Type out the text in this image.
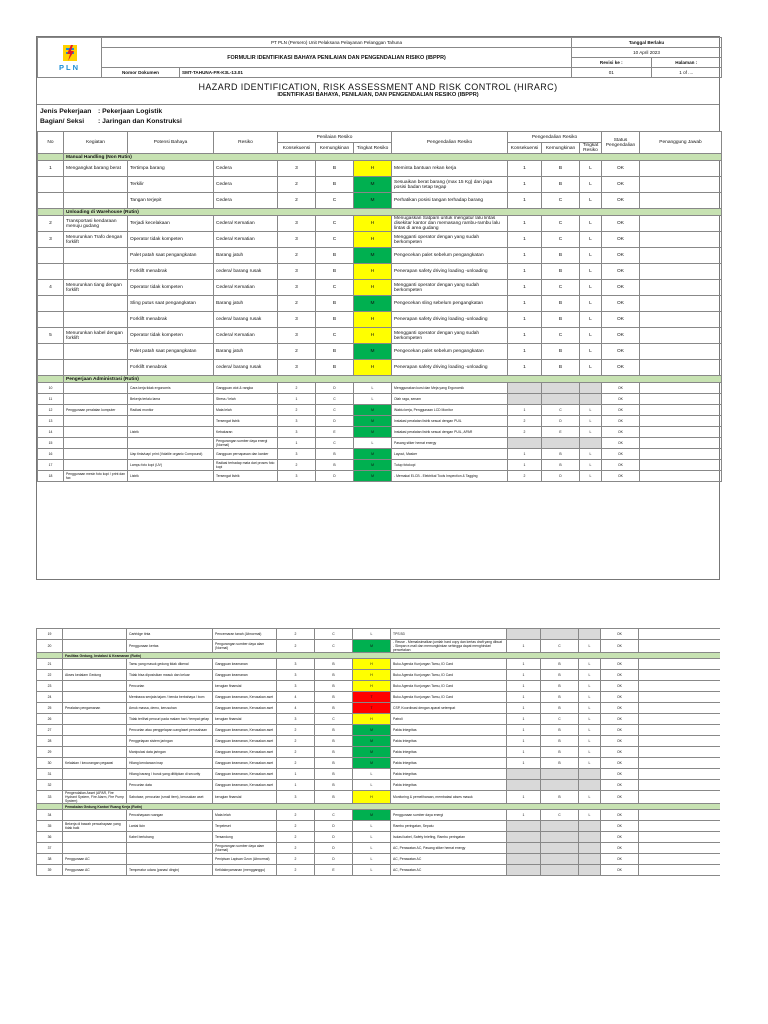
PLN	PT PLN (Persero) Unit Pelaksana Pelayanan Pelanggan Tahuna	Tanggal Berlaku
FORMULIR IDENTIFIKASI BAHAYA PENILAIAN DAN PENGENDALIAN RISIKO (IBPPR)	10 April 2023

Revisi ke :	Halaman :

Nomor Dokumen	SMT-TAHUNA-FR-K3L-13.01		01	1 of ....
HAZARD IDENTIFICATION, RISK ASSESSMENT AND RISK CONTROL (HIRARC)
IDENTIFIKASI BAHAYA, PENILAIAN, DAN PENGENDALIAN RESIKO (IBPPR)
Jenis Pekerjaan : Pekerjaan Logistik
Bagian/ Seksi : Jaringan dan Konstruksi
No	Kegiatan	Potensi Bahaya	Resiko	Penilaian Resiko			Pengendalian Resiko	Pengendalian Resiko			Status Pengendalian	Penanggung Jawab
				Konsekuensi	Kemungkinan	Tingkat Resiko		Konsekuensi	Kemungkinan	Tingkat Resiko		
	Manual Handling (Non Rutin)											
1	Mengangkat barang berat	Tertimpa barang	Cedera	3	B	H	Meminta bantuan rekan kerja	1	B	L	OK	
		Terkilir	Cedera	2	B	M	Sesuaikan berat barang (max 15 Kg) dan jaga posisi badan tetap tegap	1	B	L	OK	
		Tangan terjepit	Cedera	2	C	M	Perhatikan posisi tangan terhadap barang	1	C	L	OK	
	Unloading di Warehouse (Rutin)											
2	Transportasi kendaraan menuju gudang	Terjadi kecelakaan	Cedera/ Kematian	3	C	H	Menugaskan Satpam untuk mengatur lalu lintas disekitar kantor dan memasang rambu-rambu lalu lintas di area gudang	1	C	L	OK	
3	Menurunkan Trafo dengan forklift	Operator tidak kompeten	Cedera/ Kematian	3	C	H	Mengganti operator dengan yang sudah berkompeten	1	C	L	OK	
		Palet patah saat pengangkatan	Barang jatuh	2	B	M	Pengecekan palet sebelum pengangkatan	1	B	L	OK	
		Forklift menabrak	cedera/ barang rusak	3	B	H	Penerapan safety driving loading -unloading	1	B	L	OK	
4	Menurunkan tiang dengan forklift	Operator tidak kompeten	Cedera/ Kematian	3	C	H	Mengganti operator dengan yang sudah berkompeten	1	C	L	OK	
		Sling putus saat pengangkatan	Barang jatuh	2	B	M	Pengecekan sling sebelum pengangkatan	1	B	L	OK	
		Forklift menabrak	cedera/ barang rusak	3	B	H	Penerapan safety driving loading -unloading	1	B	L	OK	
5	Menurunkan kabel dengan forklift	Operator tidak kompeten	Cedera/ Kematian	3	C	H	Mengganti operator dengan yang sudah berkompeten	1	C	L	OK	
		Palet patah saat pengangkatan	Barang jatuh	2	B	M	Pengecekan palet sebelum pengangkatan	1	B	L	OK	
		Forklift menabrak	cedera/ barang rusak	3	B	H	Penerapan safety driving loading -unloading	1	B	L	OK	
	Pengerjaan Administrasi (Rutin)											
10		Cara kerja tidak ergonomis	Gangguan otot & rangka	2	D	L	Menggunakan kursi dan Meja yang Ergonomik				OK	
11		Bekerja terlalu lama	Stress / lelah	1	C	L	Olah raga, senam				OK	
12	Penggunaan peralatan komputer	Radiasi monitor	Mata lelah	2	C	M	Waktu kerja, Penggunaan LCD Monitor	1	C	L	OK	
13			Tersengat listrik	3	D	M	Instalasi peralatan listrik sesuai dengan PUIL	2	D	L	OK	
14		Listrik	Kebakaran	3	E	M	Instalasi peralatan listrik sesuai dengan PUIL, APAR	2	E	L	OK	
15			Pengurangan sumber daya energi (Normal)	1	C	L	Pasang stiker hemat energy				OK	
16		Uap tinta/uap/ print (Volatile organic Compound)	Gangguan pernapasan dan kanker	3	B	M	Layout, Masker	1	B	L	OK	
17		Lampu foto kopi (UV)	Radiasi terhadap mata dari proses foto kopi	2	B	M	Tutup fotokopi	1	B	L	OK	
18	Penggunaan mesin foto kopi / print dan fax	Listrik	Tersengat listrik	3	D	M	- Memakai ELCB - Elektrikal Tools Inspection & Tagging	2	D	L	OK	
19		Cartridge tinta	Pencemaran tanah (Abnormal)	2	C	L	TPS B3				OK	
20		Penggunaan kertas	Pengurangan sumber daya alam (Normal)	2	C	M	- Reuse - Memaksimalkan jumlah hard copy dan kertas draft yang dibuat - Simpan e-mail dan memungkinkan sehingga dapat menghindari pencetakan	1	C	L	OK	
	Fasilitas Gedung, Instalasi & Keamanan (Rutin)											
21		Tamu yang masuk gedung tidak dikenal	Gangguan keamanan	3	B	H	Buku Agenda Kunjungan Tamu, ID Card	1	B	L	OK	
22	Akses kedalam Gedung	Tidak bisa diposisikan masuk dan keluar	Gangguan keamanan	3	B	H	Buku Agenda Kunjungan Tamu, ID Card	1	B	L	OK	
23		Pencurian	kerugian finansial	3	B	H	Buku Agenda Kunjungan Tamu, ID Card	1	B	L	OK	
24		Membawa senjata tajam / benda berbahaya / bom	Gangguan keamanan, Kerusakan aset	4	B	T	Buku Agenda Kunjungan Tamu, ID Card	1	B	L	OK	
25	Peralatan pengamanan	Amuk massa, demo, kerusuhan	Gangguan keamanan, Kerusakan aset	4	B	T	CSP, Koordinasi dengan aparat setempat	1	B	L	OK	
26		Tidak terlihat pencuri pada malam hari / tempat gelap	kerugian finansial	3	C	H	Patroli	1	C	L	OK	
27		Pencurian atau penggelapan uang/aset perusahaan	Gangguan keamanan, Kerusakan aset	2	B	M	Pakta Integritas	1	B	L	OK	
28		Penggelapan sistem jaringan	Gangguan keamanan, Kerusakan aset	2	B	M	Pakta Integritas	1	B	L	OK	
29		Manipulasi data jaringan	Gangguan keamanan, Kerusakan aset	2	B	M	Pakta Integritas	1	B	L	OK	
30	Kelalaian / kecurangan pegawai	Hilang kendaraan inap	Gangguan keamanan, Kerusakan aset	2	B	M	Pakta Integritas	1	B	L	OK	
31		Hilang barang / buruk yang dititipkan di security	Gangguan keamanan, Kerusakan aset	1	B	L	Pakta Integritas				OK	
32		Pencurian data	Gangguan keamanan, Kerusakan aset	1	B	L	Pakta Integritas				OK	
33	Pengendalian Asset (APAR, Fire Hydrant System, Fire Alarm, Fire Pump System)	Sabotase, pencurian (small item), kerusakan aset	kerugian finansial	3	B	H	Monitoring & pemeliharaan, membatasi akses masuk	1	B	L	OK	
	Pemakaian Gedung Kantor/ Ruang Kerja (Rutin)											
34		Pencahayaan ruangan	Mata lelah	2	C	M	Penggunaan sumber daya energi	1	C	L	OK	
35	Bekerja di bawah pencahayaan yang tidak baik	Lantai licin	Terpeleset	2	D	L	Rambu peringatan, Sepatu				OK	
36		Kabel berlubang	Tersandung	2	D	L	Isolasi kabel, Safety briefing, Rambu peringatan				OK	
37			Pengurangan sumber daya alam (Normal)	2	D	L	AC, Perawatan AC, Pasang stiker hemat energy				OK	
38	Penggunaan AC		Penipisan Lapisan Ozon (Abnormal)	2	D	L	AC, Perawatan AC				OK	
39	Penggunaan AC	Temperatur udara (panas/ dingin)	Ketidaknyamanan (mengganggu)	2	E	L	AC, Perawatan AC				OK	
